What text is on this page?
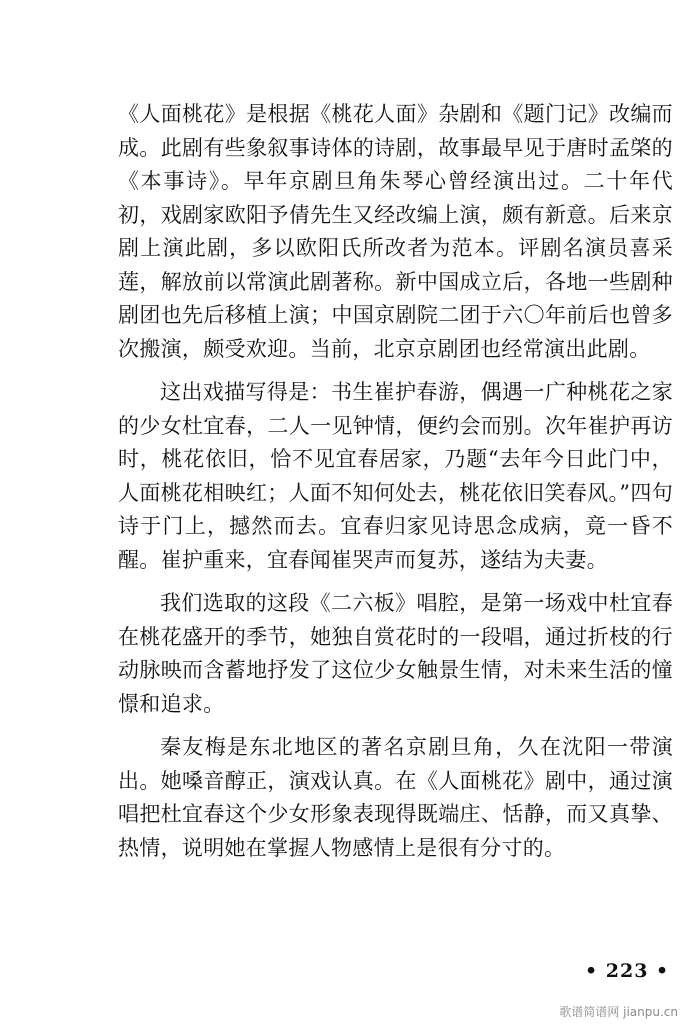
《人面桃花》是根据《桃花人面》杂剧和《题门记》改编而成。此剧有些象叙事诗体的诗剧，故事最早见于唐时孟棨的《本事诗》。早年京剧旦角朱琴心曾经演出过。二十年代初，戏剧家欧阳予倩先生又经改编上演，颇有新意。后来京剧上演此剧，多以欧阳氏所改者为范本。评剧名演员喜采莲，解放前以常演此剧著称。新中国成立后，各地一些剧种剧团也先后移植上演；中国京剧院二团于六〇年前后也曾多次搬演，颇受欢迎。当前，北京京剧团也经常演出此剧。

这出戏描写得是：书生崔护春游，偶遇一广种桃花之家的少女杜宜春，二人一见钟情，便约会而别。次年崔护再访时，桃花依旧，恰不见宜春居家，乃题“去年今日此门中，人面桃花相映红；人面不知何处去，桃花依旧笑春风。”四句诗于门上，撼然而去。宜春归家见诗思念成病，竟一昏不醒。崔护重来，宜春闻崔哭声而复苏，遂结为夫妻。

我们选取的这段《二六板》唱腔，是第一场戏中杜宜春在桃花盛开的季节，她独自赏花时的一段唱，通过折枝的行动脉映而含蓄地抒发了这位少女触景生情，对未来生活的憧憬和追求。

秦友梅是东北地区的著名京剧旦角，久在沈阳一带演出。她嗓音醇正，演戏认真。在《人面桃花》剧中，通过演唱把杜宜春这个少女形象表现得既端庄、恬静，而又真挚、热情，说明她在掌握人物感情上是很有分寸的。

• 223 •
歌谱简谱网 jianpu.cn
